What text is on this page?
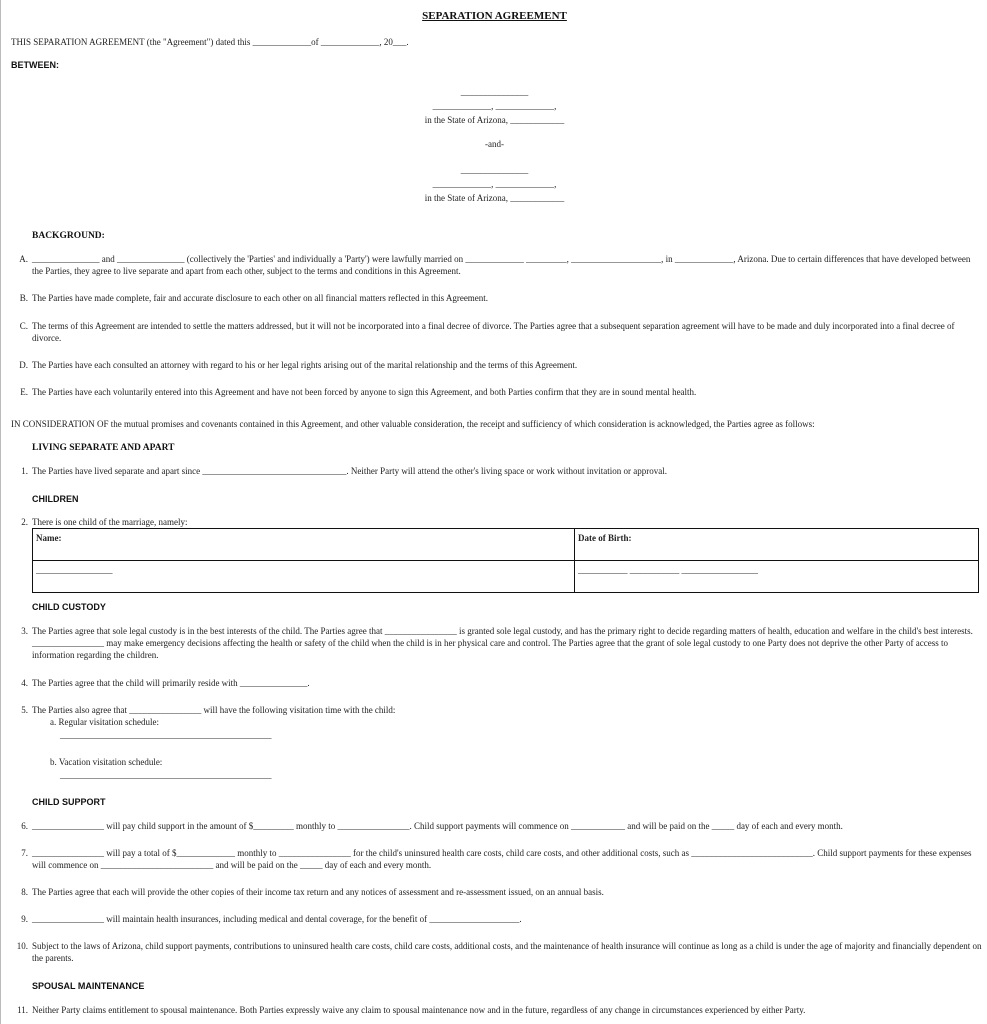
SEPARATION AGREEMENT
THIS SEPARATION AGREEMENT (the "Agreement") dated this _____________of _____________, 20___.
BETWEEN:
_______________
_____________, _____________,
in the State of Arizona, ____________
-and-
_______________
_____________, _____________,
in the State of Arizona, ____________
BACKGROUND:
A. _______________ and _______________ (collectively the 'Parties' and individually a 'Party') were lawfully married on _____________ _________, ____________________, in _____________, Arizona. Due to certain differences that have developed between the Parties, they agree to live separate and apart from each other, subject to the terms and conditions in this Agreement.
B. The Parties have made complete, fair and accurate disclosure to each other on all financial matters reflected in this Agreement.
C. The terms of this Agreement are intended to settle the matters addressed, but it will not be incorporated into a final decree of divorce. The Parties agree that a subsequent separation agreement will have to be made and duly incorporated into a final decree of divorce.
D. The Parties have each consulted an attorney with regard to his or her legal rights arising out of the marital relationship and the terms of this Agreement.
E. The Parties have each voluntarily entered into this Agreement and have not been forced by anyone to sign this Agreement, and both Parties confirm that they are in sound mental health.
IN CONSIDERATION OF the mutual promises and covenants contained in this Agreement, and other valuable consideration, the receipt and sufficiency of which consideration is acknowledged, the Parties agree as follows:
LIVING SEPARATE AND APART
1. The Parties have lived separate and apart since ________________________________. Neither Party will attend the other's living space or work without invitation or approval.
CHILDREN
2. There is one child of the marriage, namely:
Name:	Date of Birth:
_________________	___________ ___________ _________________
CHILD CUSTODY
3. The Parties agree that sole legal custody is in the best interests of the child. The Parties agree that ________________ is granted sole legal custody, and has the primary right to decide regarding matters of health, education and welfare in the child's best interests. ________________ may make emergency decisions affecting the health or safety of the child when the child is in her physical care and control. The Parties agree that the grant of sole legal custody to one Party does not deprive the other Party of access to information regarding the children.
4. The Parties agree that the child will primarily reside with _______________.
5. The Parties also agree that ________________ will have the following visitation time with the child:
a. Regular visitation schedule:
_______________________________________________
b. Vacation visitation schedule:
_______________________________________________
CHILD SUPPORT
6. ________________ will pay child support in the amount of $_________ monthly to ________________. Child support payments will commence on ____________ and will be paid on the _____ day of each and every month.
7. ________________ will pay a total of $_____________ monthly to ________________ for the child's uninsured health care costs, child care costs, and other additional costs, such as ___________________________. Child support payments for these expenses will commence on _________________________ and will be paid on the _____ day of each and every month.
8. The Parties agree that each will provide the other copies of their income tax return and any notices of assessment and re-assessment issued, on an annual basis.
9. ________________ will maintain health insurances, including medical and dental coverage, for the benefit of ____________________.
10. Subject to the laws of Arizona, child support payments, contributions to uninsured health care costs, child care costs, additional costs, and the maintenance of health insurance will continue as long as a child is under the age of majority and financially dependent on the parents.
SPOUSAL MAINTENANCE
11. Neither Party claims entitlement to spousal maintenance. Both Parties expressly waive any claim to spousal maintenance now and in the future, regardless of any change in circumstances experienced by either Party.
